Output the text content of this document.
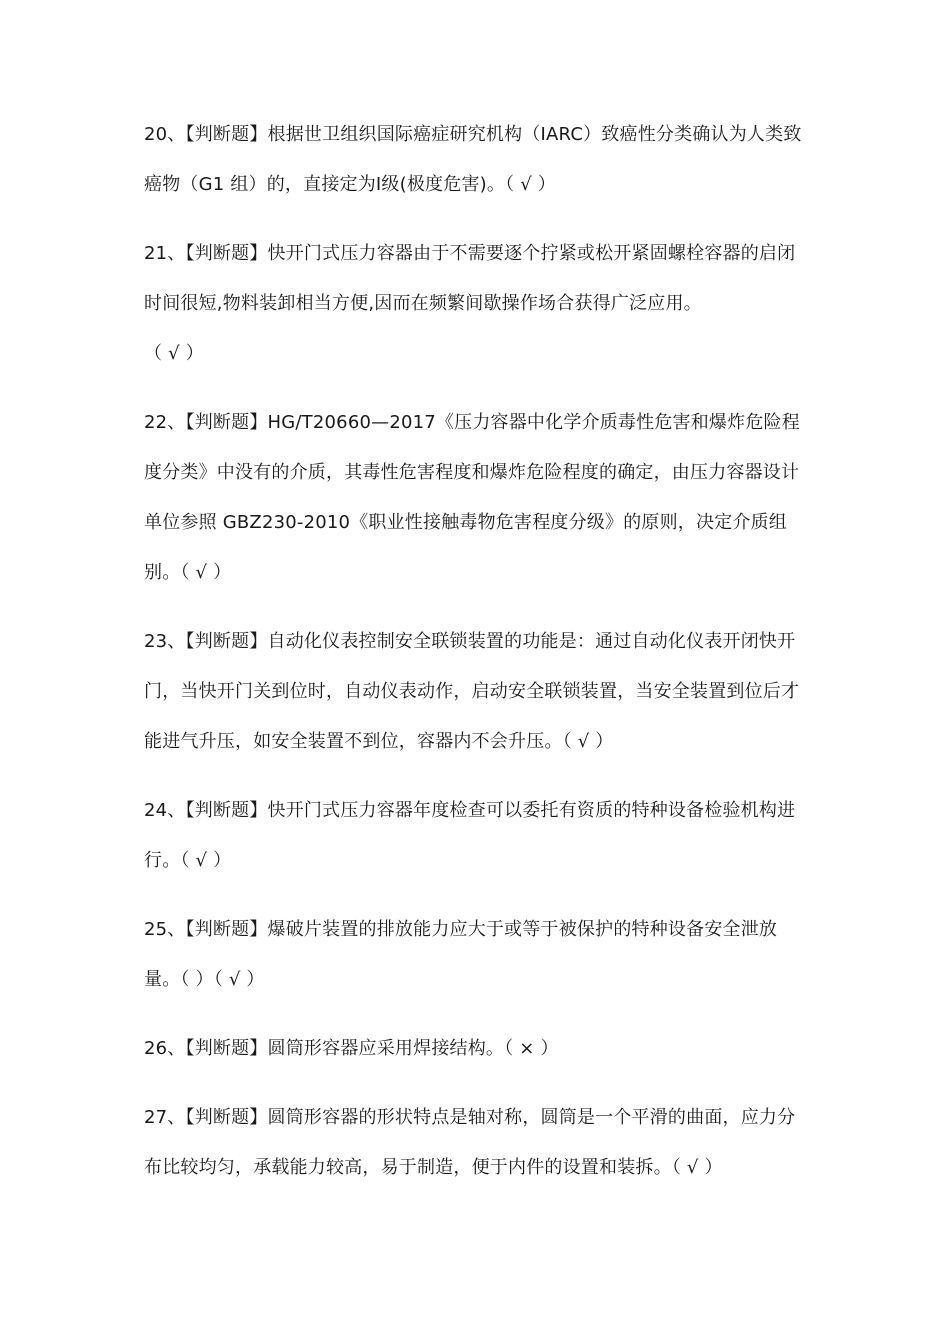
20、【判断题】根据世卫组织国际癌症研究机构（IARC）致癌性分类确认为人类致癌物（G1 组）的，直接定为Ⅰ级(极度危害)。（ √ ）

21、【判断题】快开门式压力容器由于不需要逐个拧紧或松开紧固螺栓容器的启闭时间很短,物料装卸相当方便,因而在频繁间歇操作场合获得广泛应用。
（ √ ）

22、【判断题】HG/T20660—2017《压力容器中化学介质毒性危害和爆炸危险程度分类》中没有的介质，其毒性危害程度和爆炸危险程度的确定，由压力容器设计单位参照 GBZ230-2010《职业性接触毒物危害程度分级》的原则，决定介质组别。（ √ ）

23、【判断题】自动化仪表控制安全联锁装置的功能是：通过自动化仪表开闭快开门，当快开门关到位时，自动仪表动作，启动安全联锁装置，当安全装置到位后才能进气升压，如安全装置不到位，容器内不会升压。（ √ ）

24、【判断题】快开门式压力容器年度检查可以委托有资质的特种设备检验机构进行。（ √ ）

25、【判断题】爆破片装置的排放能力应大于或等于被保护的特种设备安全泄放量。（ ）（ √ ）

26、【判断题】圆筒形容器应采用焊接结构。（ × ）

27、【判断题】圆筒形容器的形状特点是轴对称，圆筒是一个平滑的曲面，应力分布比较均匀，承载能力较高，易于制造，便于内件的设置和装拆。（ √ ）
